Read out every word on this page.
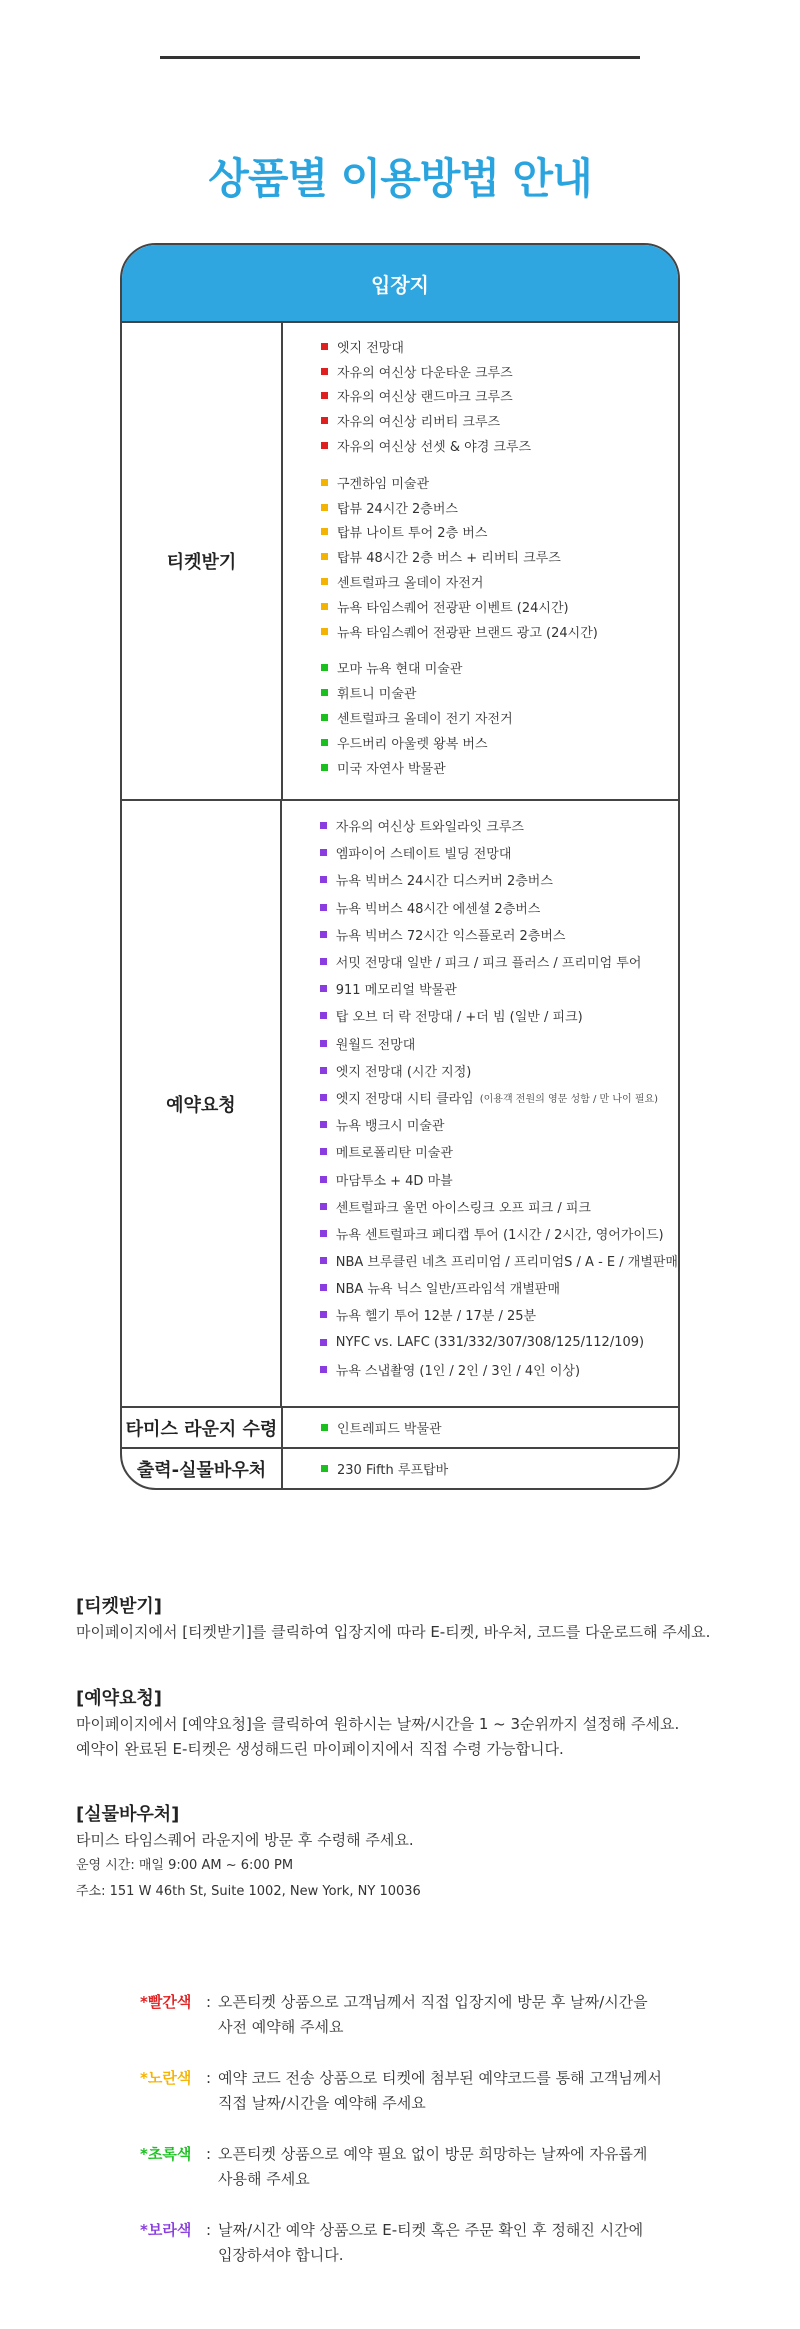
상품별 이용방법 안내
입장지
티켓받기
엣지 전망대
자유의 여신상 다운타운 크루즈
자유의 여신상 랜드마크 크루즈
자유의 여신상 리버티 크루즈
자유의 여신상 선셋 & 야경 크루즈
구겐하임 미술관
탑뷰 24시간 2층버스
탑뷰 나이트 투어 2층 버스
탑뷰 48시간 2층 버스 + 리버티 크루즈
센트럴파크 올데이 자전거
뉴욕 타임스퀘어 전광판 이벤트 (24시간)
뉴욕 타임스퀘어 전광판 브랜드 광고 (24시간)
모마 뉴욕 현대 미술관
휘트니 미술관
센트럴파크 올데이 전기 자전거
우드버리 아울렛 왕복 버스
미국 자연사 박물관
예약요청
자유의 여신상 트와일라잇 크루즈
엠파이어 스테이트 빌딩 전망대
뉴욕 빅버스 24시간 디스커버 2층버스
뉴욕 빅버스 48시간 에센셜 2층버스
뉴욕 빅버스 72시간 익스플로러 2층버스
서밋 전망대 일반 / 피크 / 피크 플러스 / 프리미엄 투어
911 메모리얼 박물관
탑 오브 더 락 전망대 / +더 빔 (일반 / 피크)
원월드 전망대
엣지 전망대 (시간 지정)
엣지 전망대 시티 클라임 (이용객 전원의 영문 성함 / 만 나이 필요)
뉴욕 뱅크시 미술관
메트로폴리탄 미술관
마담투소 + 4D 마블
센트럴파크 울먼 아이스링크 오프 피크 / 피크
뉴욕 센트럴파크 페디캡 투어 (1시간 / 2시간, 영어가이드)
NBA 브루클린 네츠 프리미엄 / 프리미엄S / A - E / 개별판매
NBA 뉴욕 닉스 일반/프라임석 개별판매
뉴욕 헬기 투어 12분 / 17분 / 25분
NYFC vs. LAFC (331/332/307/308/125/112/109)
뉴욕 스냅촬영 (1인 / 2인 / 3인 / 4인 이상)
타미스 라운지 수령	인트레피드 박물관
출력-실물바우처	230 Fifth 루프탑바
[티켓받기]
마이페이지에서 [티켓받기]를 클릭하여 입장지에 따라 E-티켓, 바우처, 코드를 다운로드해 주세요.
[예약요청]
마이페이지에서 [예약요청]을 클릭하여 원하시는 날짜/시간을 1 ~ 3순위까지 설정해 주세요.
예약이 완료된 E-티켓은 생성해드린 마이페이지에서 직접 수령 가능합니다.
[실물바우처]
타미스 타임스퀘어 라운지에 방문 후 수령해 주세요.
운영 시간: 매일 9:00 AM ~ 6:00 PM
주소: 151 W 46th St, Suite 1002, New York, NY 10036
*빨간색 : 오픈티켓 상품으로 고객님께서 직접 입장지에 방문 후 날짜/시간을
사전 예약해 주세요
*노란색 : 예약 코드 전송 상품으로 티켓에 첨부된 예약코드를 통해 고객님께서
직접 날짜/시간을 예약해 주세요
*초록색 : 오픈티켓 상품으로 예약 필요 없이 방문 희망하는 날짜에 자유롭게
사용해 주세요
*보라색 : 날짜/시간 예약 상품으로 E-티켓 혹은 주문 확인 후 정해진 시간에
입장하셔야 합니다.
